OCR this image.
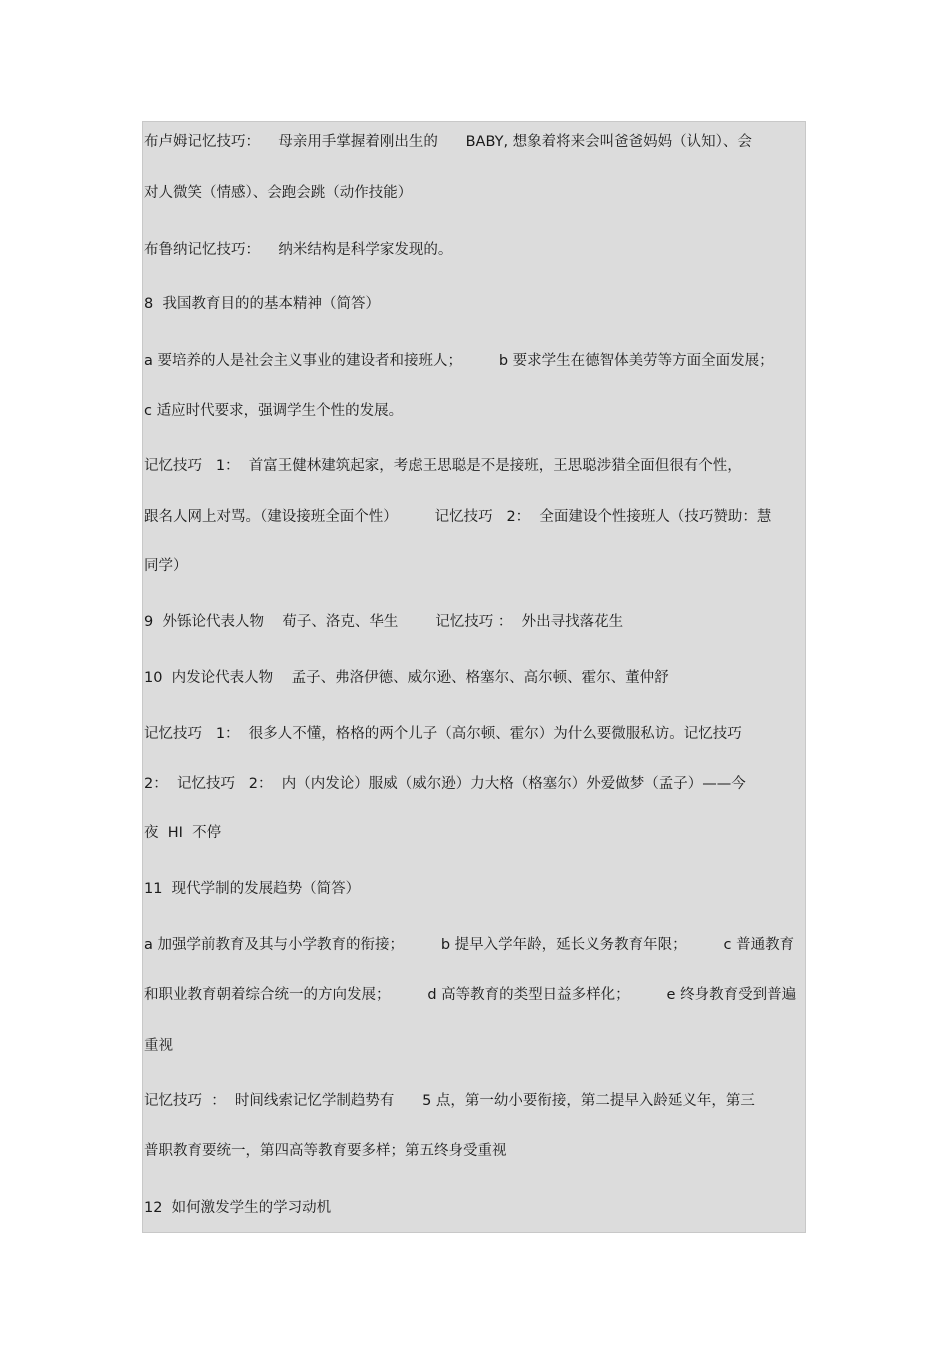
布卢姆记忆技巧：    母亲用手掌握着刚出生的      BABY, 想象着将来会叫爸爸妈妈（认知）、会
对人微笑（情感）、会跑会跳（动作技能）
布鲁纳记忆技巧：    纳米结构是科学家发现的。
8  我国教育目的的基本精神（简答）
a 要培养的人是社会主义事业的建设者和接班人；        b 要求学生在德智体美劳等方面全面发展；
c 适应时代要求，强调学生个性的发展。
记忆技巧   1：  首富王健林建筑起家，考虑王思聪是不是接班，王思聪涉猎全面但很有个性，
跟名人网上对骂。（建设接班全面个性）        记忆技巧   2：  全面建设个性接班人（技巧赞助：慧
同学）
9  外铄论代表人物    荀子、洛克、华生        记忆技巧 ：  外出寻找落花生
10  内发论代表人物    孟子、弗洛伊德、威尔逊、格塞尔、高尔顿、霍尔、董仲舒
记忆技巧   1：  很多人不懂，格格的两个儿子（高尔顿、霍尔）为什么要微服私访。记忆技巧
2：  记忆技巧   2：  内（内发论）服威（威尔逊）力大格（格塞尔）外爱做梦（孟子）——今
夜  HI  不停
11  现代学制的发展趋势（简答）
a 加强学前教育及其与小学教育的衔接；        b 提早入学年龄，延长义务教育年限；        c 普通教育
和职业教育朝着综合统一的方向发展；        d 高等教育的类型日益多样化；        e 终身教育受到普遍
重视
记忆技巧  ：  时间线索记忆学制趋势有      5 点，第一幼小要衔接，第二提早入龄延义年，第三
普职教育要统一，第四高等教育要多样；第五终身受重视
12  如何激发学生的学习动机
